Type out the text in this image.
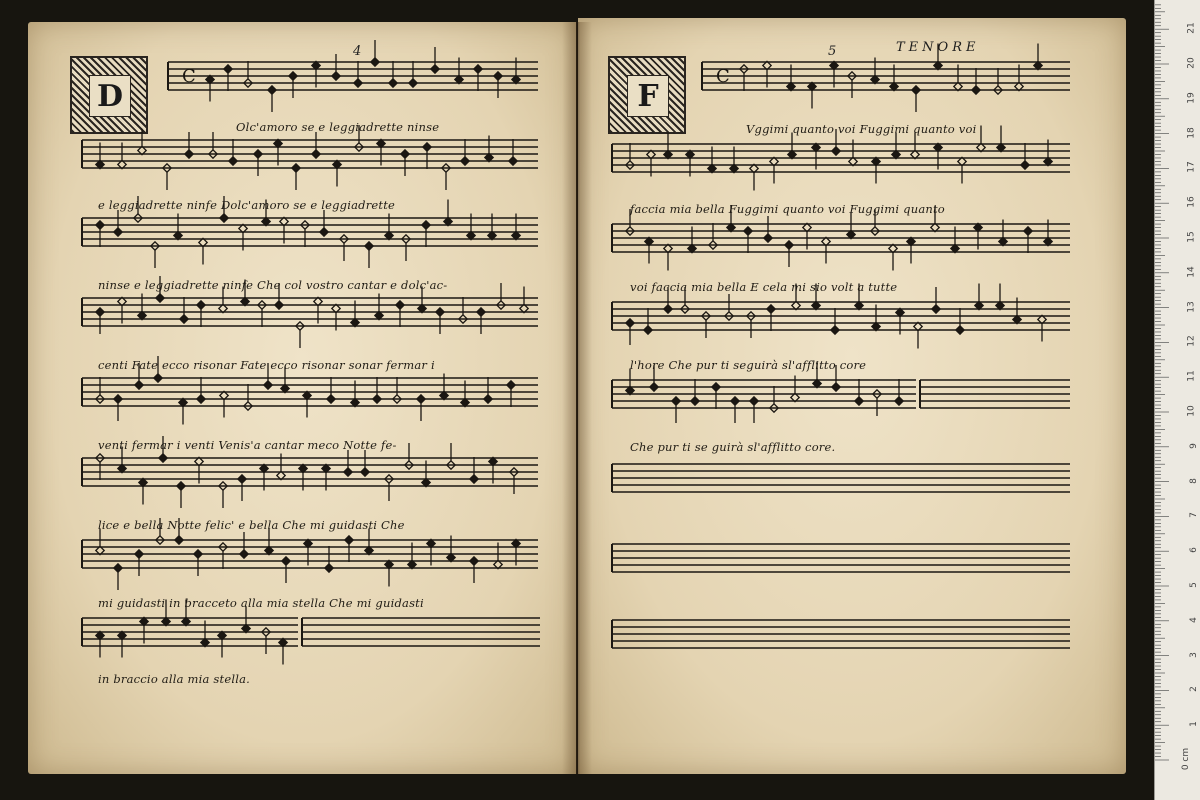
4
D
C
Olc'amoro se e leggiadrette ninse
e leggiadrette ninfe Dolc'amoro se e leggiadrette
ninse e leggiadrette ninfe Che col vostro cantar e dolc'ac-
centi Fate ecco risonar Fate ecco risonar sonar fermar i
venti fermar i venti Venis'a cantar meco Notte fe-
lice e bella Notte felic' e bella Che mi guidasti Che
mi guidasti in bracceto alla mia stella Che mi guidasti
in braccio alla mia stella.
5	TENORE
F
C
Vggimi quanto voi Fuggimi quanto voi
faccia mia bella Fuggimi quanto voi Fuggimi quanto
voi faccia mia bella E cela mi sio volt a tutte
l'hore Che pur ti seguirà sl'afflitto core
Che pur ti se guirà sl'afflitto core.
0 cm
1
2
3
4
5
6
7
8
9
10
11
12
13
14
15
16
17
18
19
20
21
